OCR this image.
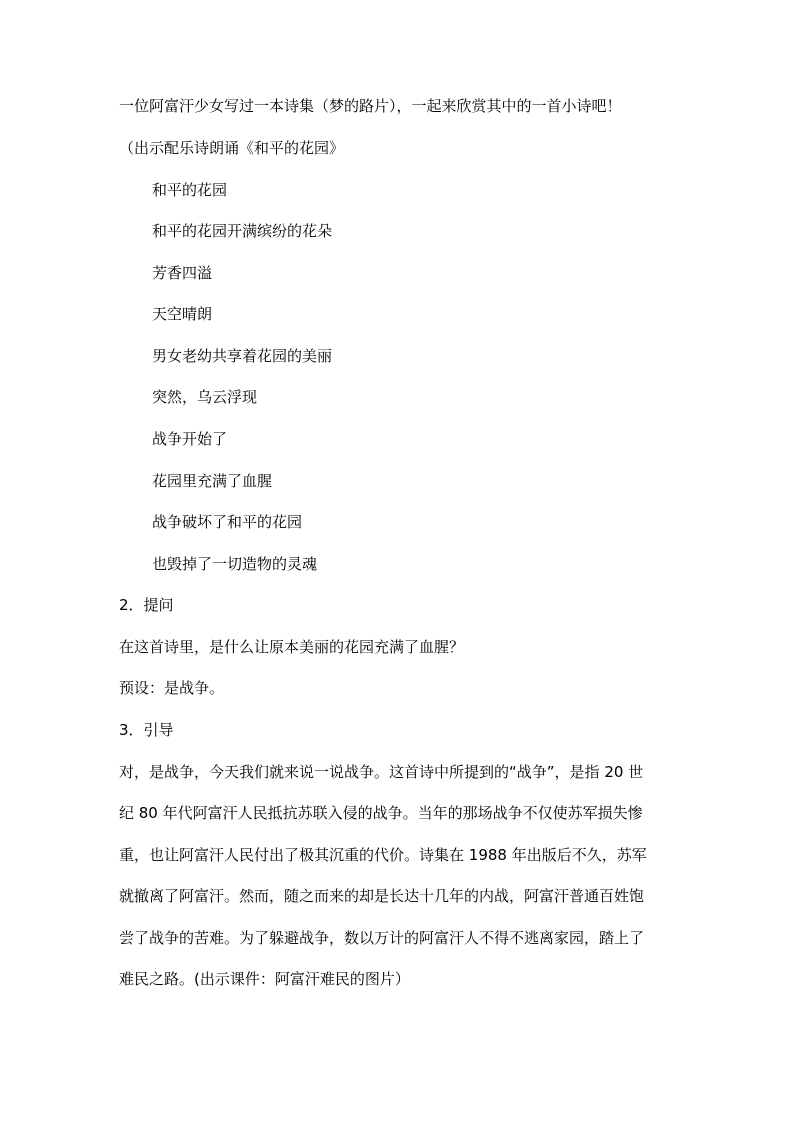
一位阿富汗少女写过一本诗集（梦的路片），一起来欣赏其中的一首小诗吧！
（出示配乐诗朗诵《和平的花园》
和平的花园
和平的花园开满缤纷的花朵
芳香四溢
天空晴朗
男女老幼共享着花园的美丽
突然，乌云浮现
战争开始了
花园里充满了血腥
战争破坏了和平的花园
也毁掉了一切造物的灵魂
2．提问
在这首诗里，是什么让原本美丽的花园充满了血腥？
预设：是战争。
3．引导
对，是战争，今天我们就来说一说战争。这首诗中所提到的“战争”，是指 20 世
纪 80 年代阿富汗人民抵抗苏联入侵的战争。当年的那场战争不仅使苏军损失惨
重，也让阿富汗人民付出了极其沉重的代价。诗集在 1988 年出版后不久，苏军
就撤离了阿富汗。然而，随之而来的却是长达十几年的内战，阿富汗普通百姓饱
尝了战争的苦难。为了躲避战争，数以万计的阿富汗人不得不逃离家园，踏上了
难民之路。(出示课件：阿富汗难民的图片）
